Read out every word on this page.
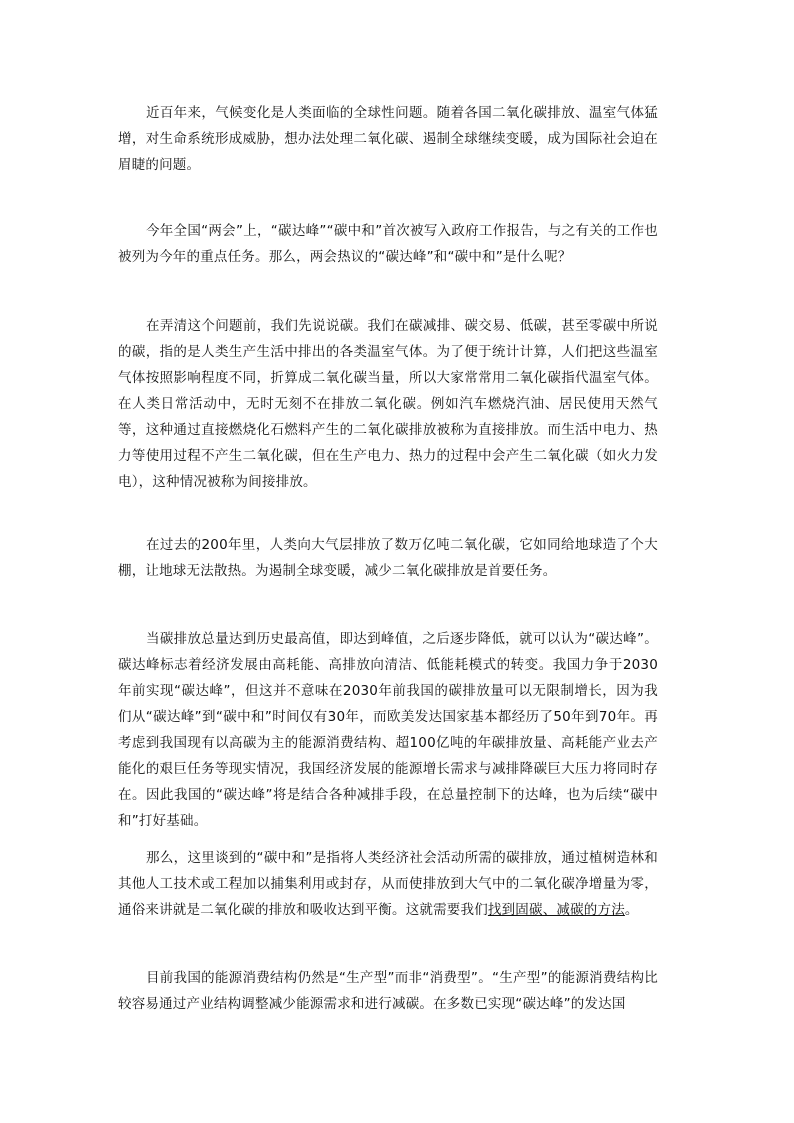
近百年来，气候变化是人类面临的全球性问题。随着各国二氧化碳排放、温室气体猛增，对生命系统形成威胁，想办法处理二氧化碳、遏制全球继续变暖，成为国际社会迫在眉睫的问题。

今年全国“两会”上，“碳达峰”“碳中和”首次被写入政府工作报告，与之有关的工作也被列为今年的重点任务。那么，两会热议的“碳达峰”和“碳中和”是什么呢？

在弄清这个问题前，我们先说说碳。我们在碳减排、碳交易、低碳，甚至零碳中所说的碳，指的是人类生产生活中排出的各类温室气体。为了便于统计计算，人们把这些温室气体按照影响程度不同，折算成二氧化碳当量，所以大家常常用二氧化碳指代温室气体。在人类日常活动中，无时无刻不在排放二氧化碳。例如汽车燃烧汽油、居民使用天然气等，这种通过直接燃烧化石燃料产生的二氧化碳排放被称为直接排放。而生活中电力、热力等使用过程不产生二氧化碳，但在生产电力、热力的过程中会产生二氧化碳（如火力发电），这种情况被称为间接排放。

在过去的200年里，人类向大气层排放了数万亿吨二氧化碳，它如同给地球造了个大棚，让地球无法散热。为遏制全球变暖，减少二氧化碳排放是首要任务。

当碳排放总量达到历史最高值，即达到峰值，之后逐步降低，就可以认为“碳达峰”。碳达峰标志着经济发展由高耗能、高排放向清洁、低能耗模式的转变。我国力争于2030年前实现“碳达峰”，但这并不意味在2030年前我国的碳排放量可以无限制增长，因为我们从“碳达峰”到“碳中和”时间仅有30年，而欧美发达国家基本都经历了50年到70年。再考虑到我国现有以高碳为主的能源消费结构、超100亿吨的年碳排放量、高耗能产业去产能化的艰巨任务等现实情况，我国经济发展的能源增长需求与减排降碳巨大压力将同时存在。因此我国的“碳达峰”将是结合各种减排手段，在总量控制下的达峰，也为后续“碳中和”打好基础。

那么，这里谈到的“碳中和”是指将人类经济社会活动所需的碳排放，通过植树造林和其他人工技术或工程加以捕集利用或封存，从而使排放到大气中的二氧化碳净增量为零，通俗来讲就是二氧化碳的排放和吸收达到平衡。这就需要我们找到固碳、减碳的方法。

目前我国的能源消费结构仍然是“生产型”而非“消费型”。“生产型”的能源消费结构比较容易通过产业结构调整减少能源需求和进行减碳。在多数已实现“碳达峰”的发达国
